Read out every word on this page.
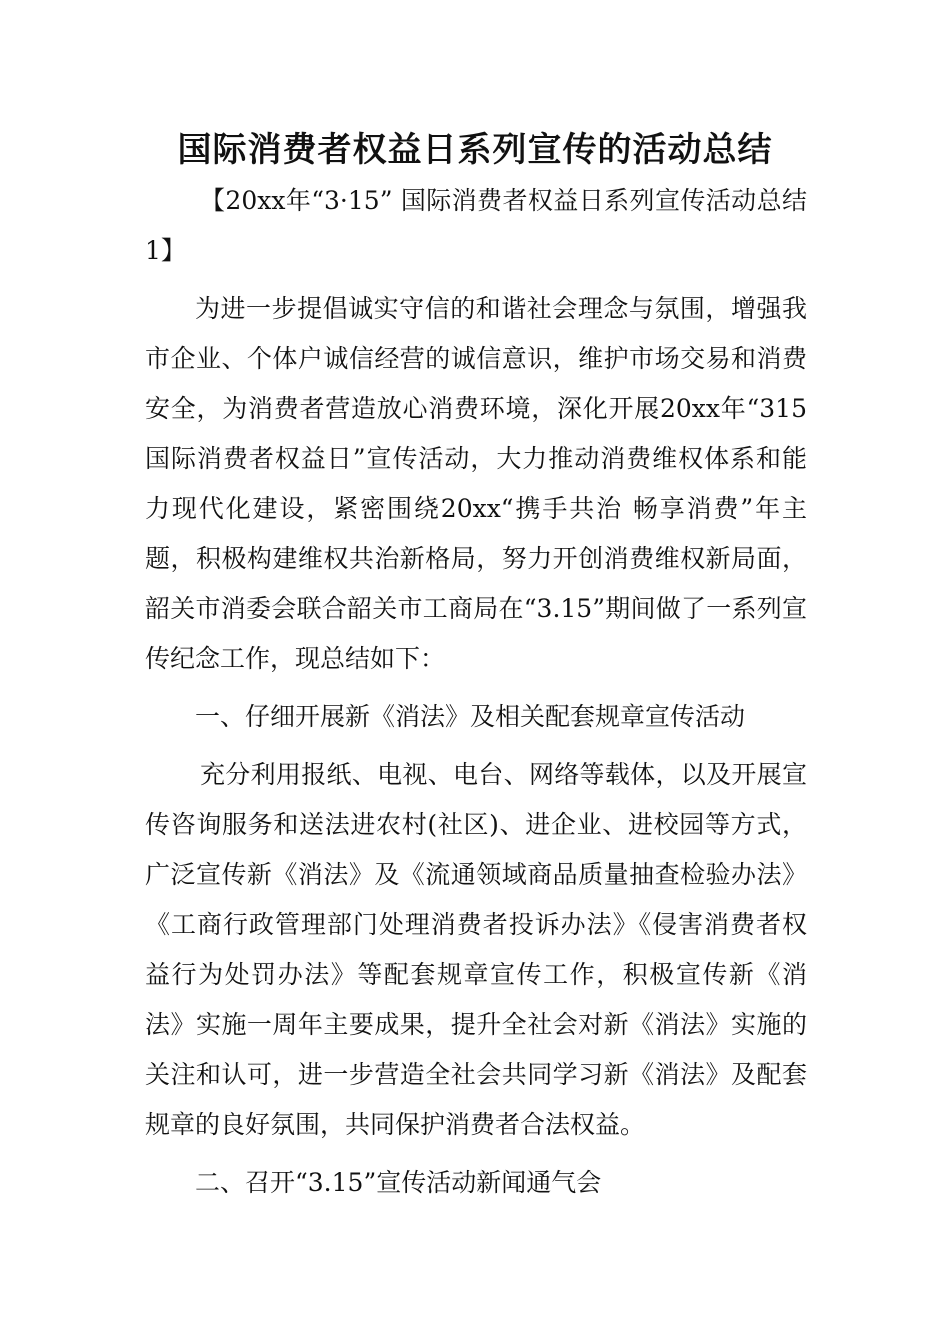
国际消费者权益日系列宣传的活动总结

【20xx年“3·15” 国际消费者权益日系列宣传活动总结1】

为进一步提倡诚实守信的和谐社会理念与氛围，增强我市企业、个体户诚信经营的诚信意识，维护市场交易和消费安全，为消费者营造放心消费环境，深化开展20xx年“315国际消费者权益日”宣传活动，大力推动消费维权体系和能力现代化建设，紧密围绕20xx“携手共治 畅享消费”年主题，积极构建维权共治新格局，努力开创消费维权新局面，韶关市消委会联合韶关市工商局在“3.15”期间做了一系列宣传纪念工作，现总结如下：

一、仔细开展新《消法》及相关配套规章宣传活动

充分利用报纸、电视、电台、网络等载体，以及开展宣传咨询服务和送法进农村(社区)、进企业、进校园等方式，广泛宣传新《消法》及《流通领域商品质量抽查检验办法》《工商行政管理部门处理消费者投诉办法》《侵害消费者权益行为处罚办法》等配套规章宣传工作，积极宣传新《消法》实施一周年主要成果，提升全社会对新《消法》实施的关注和认可，进一步营造全社会共同学习新《消法》及配套规章的良好氛围，共同保护消费者合法权益。

二、召开“3.15”宣传活动新闻通气会
